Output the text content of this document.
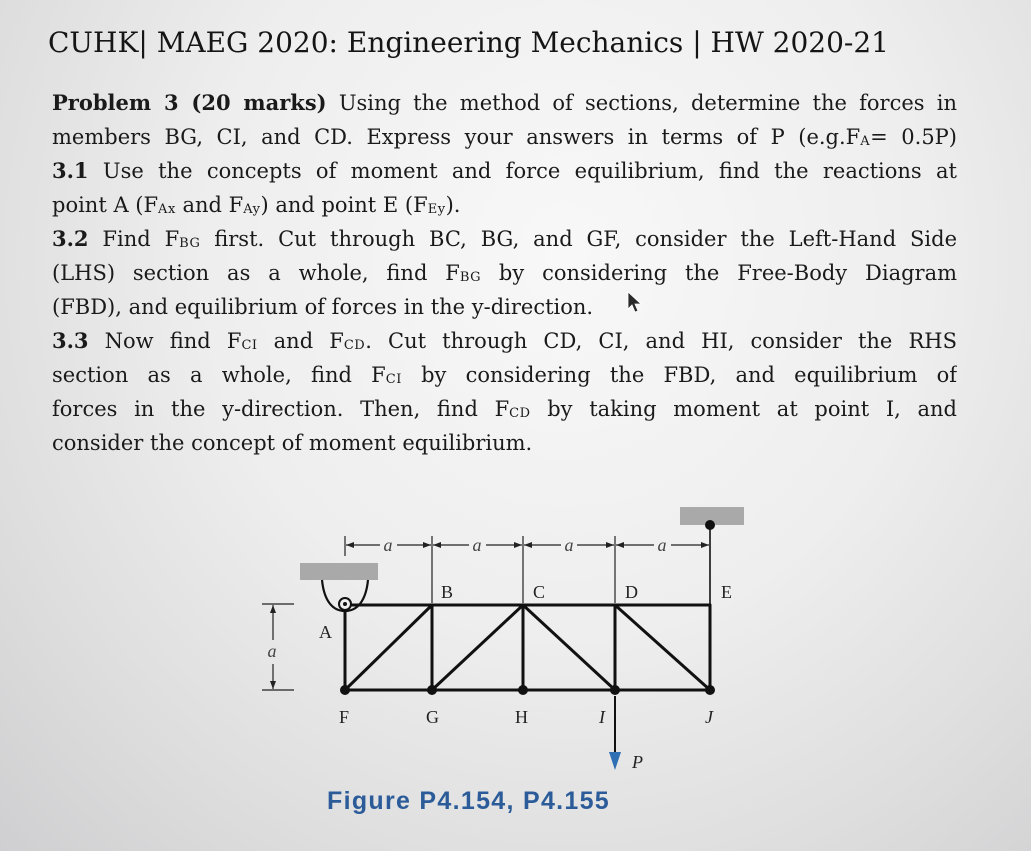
CUHK| MAEG 2020: Engineering Mechanics | HW 2020-21
Problem 3 (20 marks) Using the method of sections, determine the forces in
members BG, CI, and CD. Express your answers in terms of P (e.g.FA= 0.5P)
3.1 Use the concepts of moment and force equilibrium, find the reactions at
point A (FAx and FAy) and point E (FEy).
3.2 Find FBG first. Cut through BC, BG, and GF, consider the Left-Hand Side
(LHS) section as a whole, find FBG by considering the Free-Body Diagram
(FBD), and equilibrium of forces in the y-direction.
3.3 Now find FCI and FCD. Cut through CD, CI, and HI, consider the RHS
section as a whole, find FCI by considering the FBD, and equilibrium of
forces in the y-direction. Then, find FCD by taking moment at point I, and
consider the concept of moment equilibrium.
a	a	a	a
a
A
B	C	D	E
F	G	H	I	J
P
Figure P4.154, P4.155
